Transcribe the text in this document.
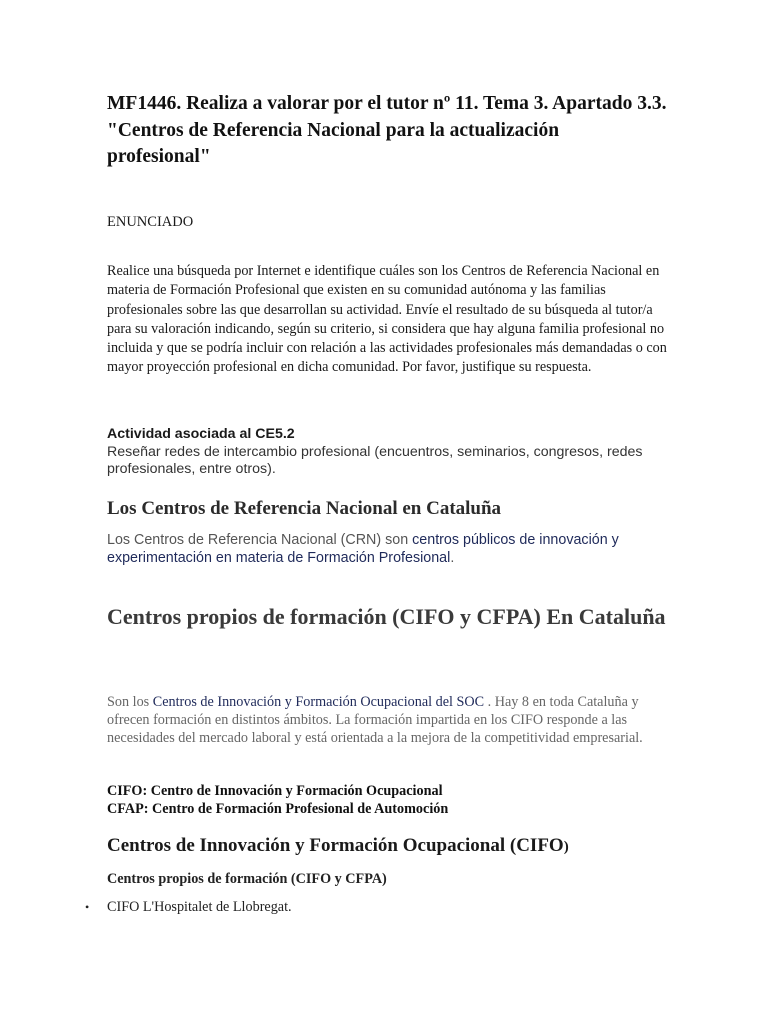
MF1446. Realiza a valorar por el tutor nº 11. Tema 3. Apartado 3.3. "Centros de Referencia Nacional para la actualización profesional"

ENUNCIADO

Realice una búsqueda por Internet e identifique cuáles son los Centros de Referencia Nacional en materia de Formación Profesional que existen en su comunidad autónoma y las familias profesionales sobre las que desarrollan su actividad. Envíe el resultado de su búsqueda al tutor/a para su valoración indicando, según su criterio, si considera que hay alguna familia profesional no incluida y que se podría incluir con relación a las actividades profesionales más demandadas o con mayor proyección profesional en dicha comunidad. Por favor, justifique su respuesta.

Actividad asociada al CE5.2
Reseñar redes de intercambio profesional (encuentros, seminarios, congresos, redes profesionales, entre otros).
Los Centros de Referencia Nacional en Cataluña

Los Centros de Referencia Nacional (CRN) son centros públicos de innovación y experimentación en materia de Formación Profesional.

Centros propios de formación (CIFO y CFPA) En Cataluña

Son los Centros de Innovación y Formación Ocupacional del SOC . Hay 8 en toda Cataluña y ofrecen formación en distintos ámbitos. La formación impartida en los CIFO responde a las necesidades del mercado laboral y está orientada a la mejora de la competitividad empresarial.

CIFO: Centro de Innovación y Formación Ocupacional
CFAP: Centro de Formación Profesional de Automoción
Centros de Innovación y Formación Ocupacional (CIFO)

Centros propios de formación (CIFO y CFPA)

•	CIFO L'Hospitalet de Llobregat.
